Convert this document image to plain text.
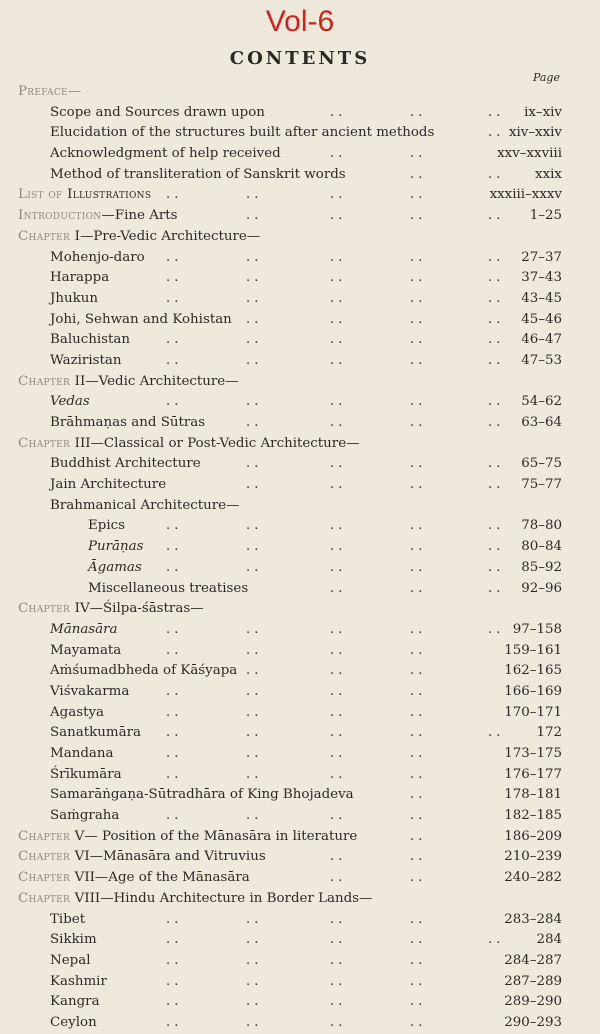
Vol-6
CONTENTS
Page
Preface—
Scope and Sources drawn upon	. .	. .	. . ix–xiv
Elucidation of the structures built after ancient methods	. . xiv–xxiv
Acknowledgment of help received	. .	. .	xxv–xxviii
Method of transliteration of Sanskrit words	. .	. .	xxix
List of Illustrations . .	. .	. .	. .	xxxiii–xxxv
Introduction—Fine Arts	. .	. .	. .	. . 1–25
Chapter I—Pre-Vedic Architecture—
Mohenjo-daro . .	. .	. .	. .	. . 27–37
Harappa	. .	. .	. .	. .	. . 37–43
Jhukun	. .	. .	. .	. .	. . 43–45
Johi, Sehwan and Kohistan . .	. .	. .	. . 45–46
Baluchistan	. .	. .	. .	. .	. . 46–47
Waziristan	. .	. .	. .	. .	. . 47–53
Chapter II—Vedic Architecture—
Vedas	. .	. .	. .	. .	. . 54–62
Brāhmaṇas and Sūtras	. .	. .	. .	. . 63–64
Chapter III—Classical or Post-Vedic Architecture—
Buddhist Architecture	. .	. .	. .	. . 65–75
Jain Architecture	. .	. .	. .	. . 75–77
Brahmanical Architecture—
Epics	. .	. .	. .	. .	. . 78–80
Purāṇas . .	. .	. .	. .	. . 80–84
Āgamas . .	. .	. .	. .	. . 85–92
Miscellaneous treatises	. .	. .	. . 92–96
Chapter IV—Śilpa-śāstras—
Mānasāra	. .	. .	. .	. .	. . 97–158
Mayamata	. .	. .	. .	. .	159–161
Aṁśumadbheda of Kāśyapa . .	. .	. .	162–165
Viśvakarma	. .	. .	. .	. .	166–169
Agastya	. .	. .	. .	. .	170–171
Sanatkumāra . .	. .	. .	. .	. .	172
Mandana	. .	. .	. .	. .	173–175
Śrīkumāra	. .	. .	. .	. .	176–177
Samarāṅgaṇa-Sūtradhāra of King Bhojadeva	. .	178–181
Saṁgraha	. .	. .	. .	. .	182–185
Chapter V— Position of the Mānasāra in literature	. .	186–209
Chapter VI—Mānasāra and Vitruvius	. .	. .	210–239
Chapter VII—Age of the Mānasāra	. .	. .	240–282
Chapter VIII—Hindu Architecture in Border Lands—
Tibet	. .	. .	. .	. .	283–284
Sikkim	. .	. .	. .	. .	. .	284
Nepal	. .	. .	. .	. .	284–287
Kashmir	. .	. .	. .	. .	287–289
Kangra	. .	. .	. .	. .	289–290
Ceylon	. .	. .	. .	. .	290–293
